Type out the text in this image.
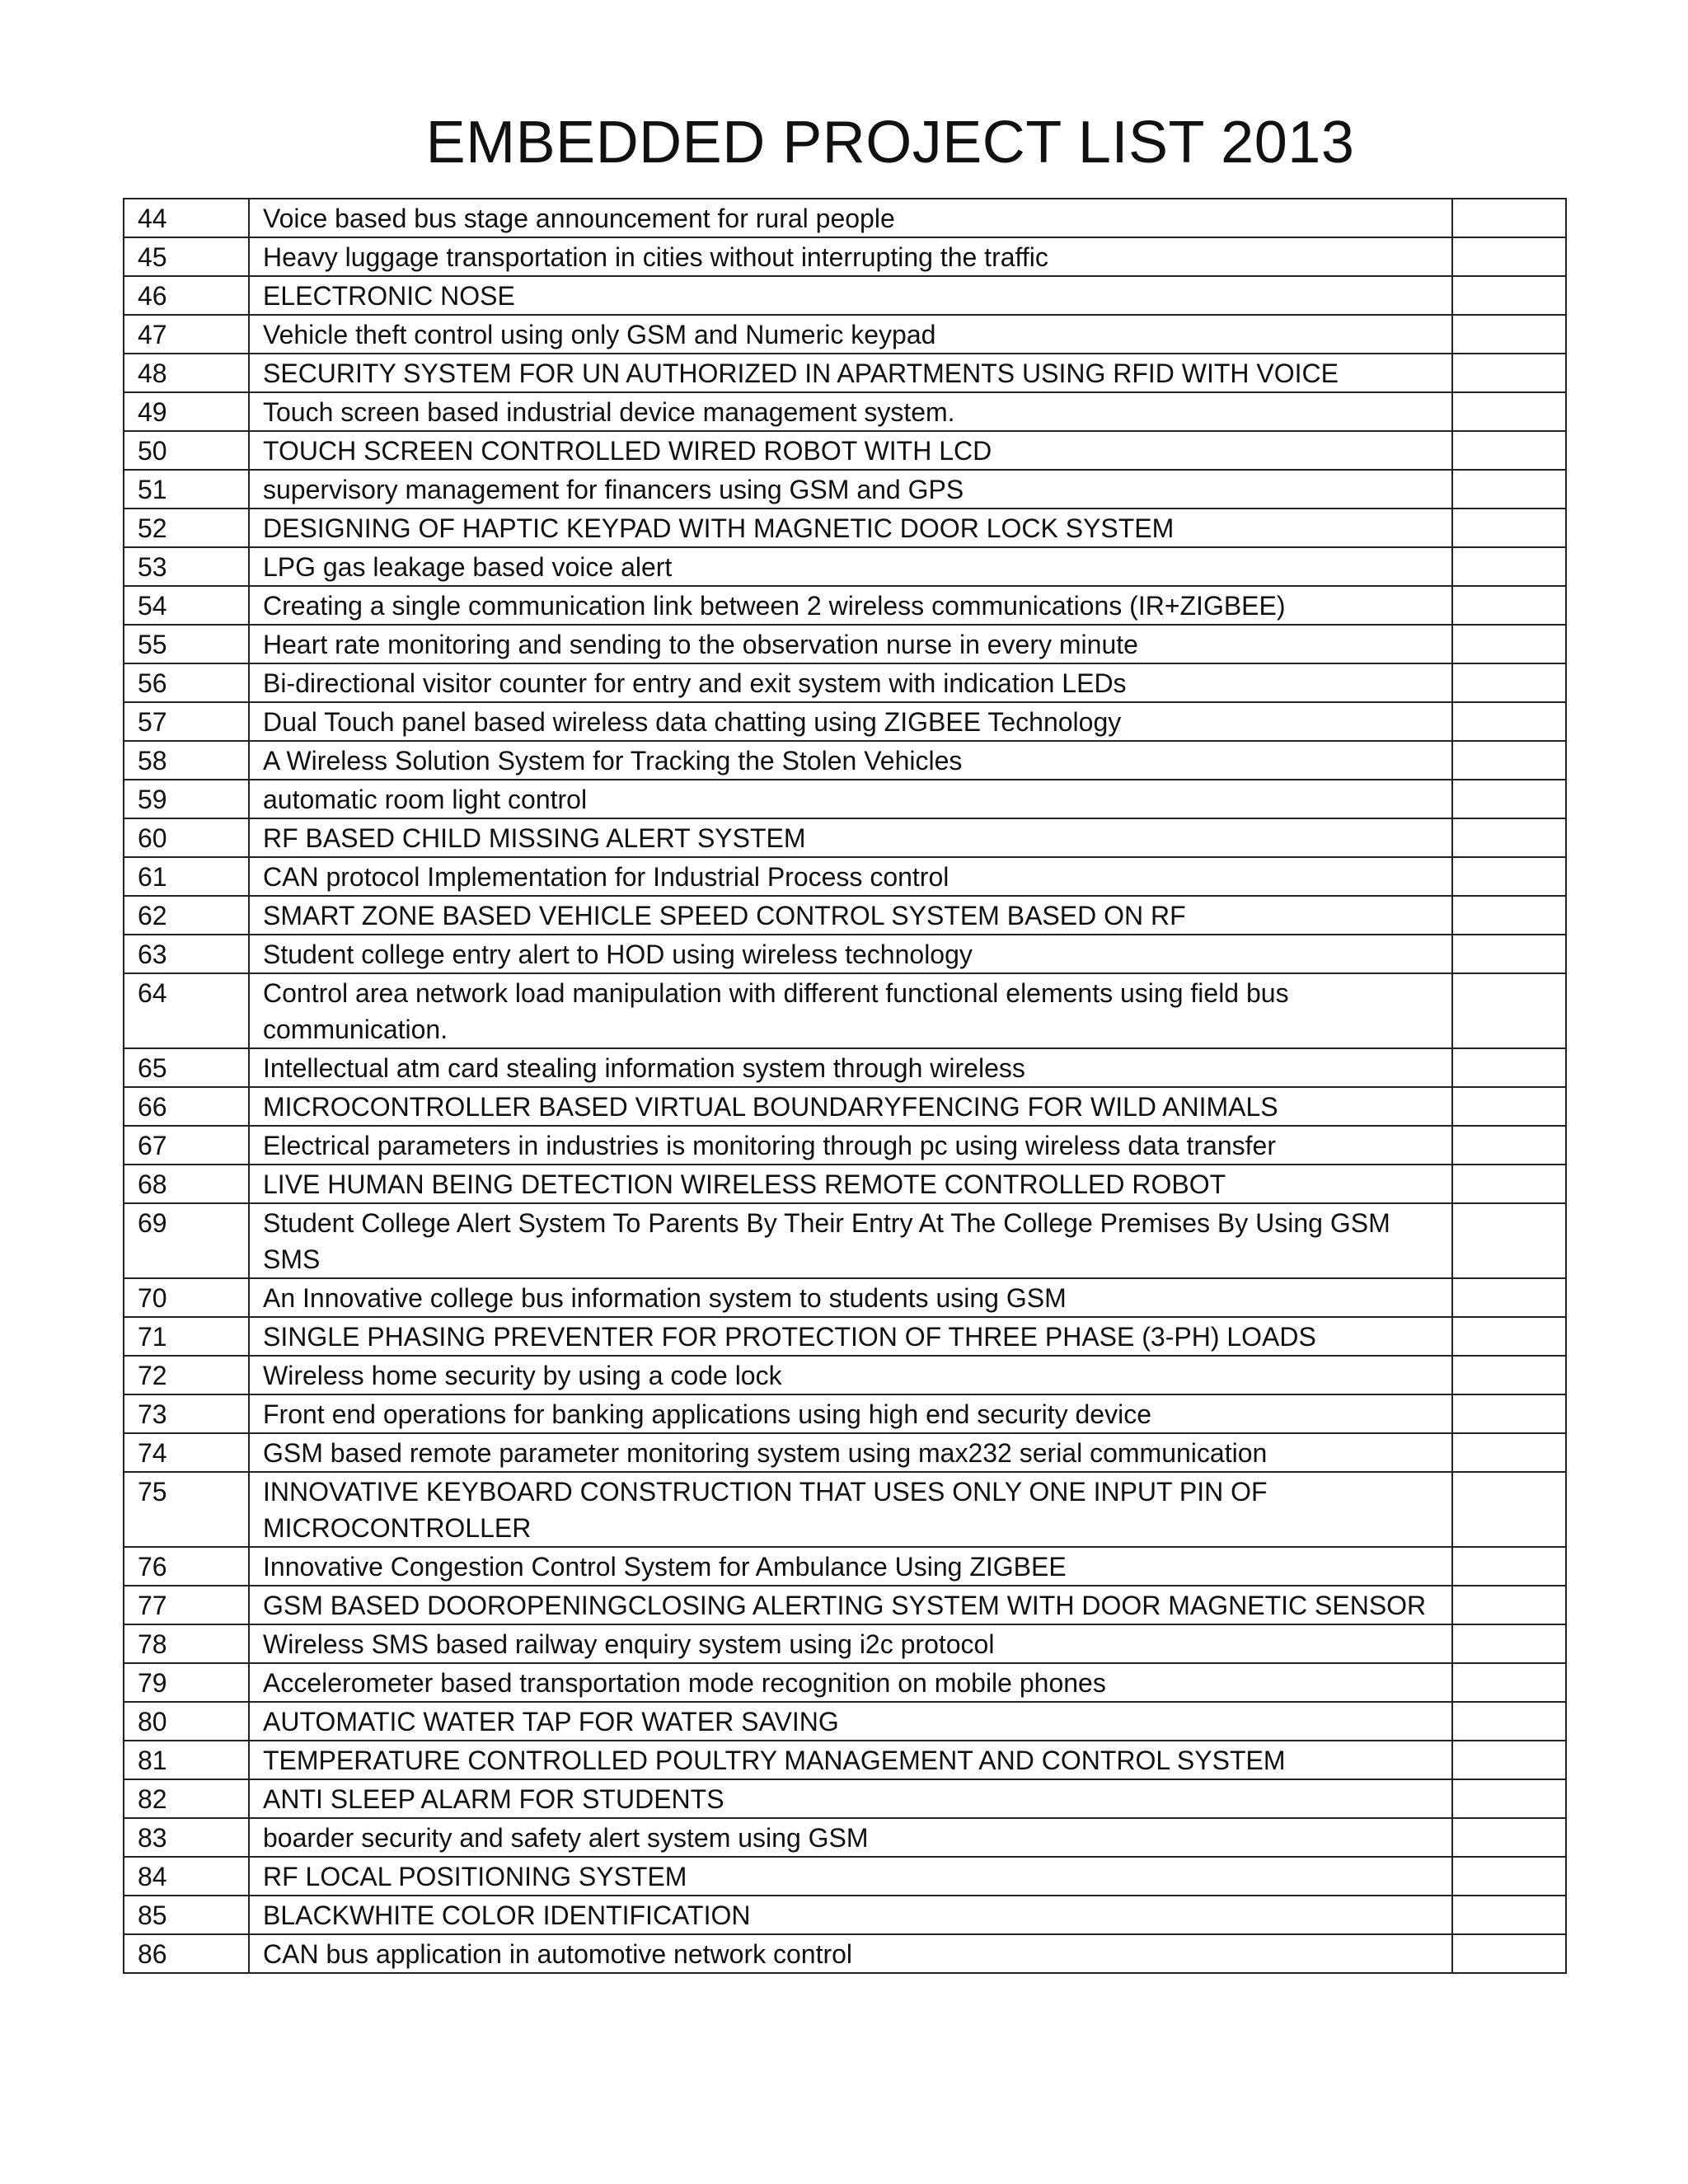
EMBEDDED PROJECT LIST 2013
44	Voice based bus stage announcement for rural people	
45	Heavy luggage transportation in cities without interrupting the traffic	
46	ELECTRONIC NOSE	
47	Vehicle theft control using only GSM and Numeric keypad	
48	SECURITY SYSTEM FOR UN AUTHORIZED IN APARTMENTS USING RFID WITH VOICE	
49	Touch screen based industrial device management system.	
50	TOUCH SCREEN CONTROLLED WIRED ROBOT WITH LCD	
51	supervisory management for financers using GSM and GPS	
52	DESIGNING OF HAPTIC KEYPAD WITH MAGNETIC DOOR LOCK SYSTEM	
53	LPG gas leakage based voice alert	
54	Creating a single communication link between 2 wireless communications (IR+ZIGBEE)	
55	Heart rate monitoring and sending to the observation nurse in every minute	
56	Bi-directional visitor counter for entry and exit system with indication LEDs	
57	Dual Touch panel based wireless data chatting using ZIGBEE Technology	
58	A Wireless Solution System for Tracking the Stolen Vehicles	
59	automatic room light control	
60	RF BASED CHILD MISSING ALERT SYSTEM	
61	CAN protocol Implementation for Industrial Process control	
62	SMART ZONE BASED VEHICLE SPEED CONTROL SYSTEM BASED ON RF	
63	Student college entry alert to HOD using wireless technology	
64	Control area network load manipulation with different functional elements using field bus communication.	
65	Intellectual atm card stealing information system through wireless	
66	MICROCONTROLLER BASED VIRTUAL BOUNDARYFENCING FOR WILD ANIMALS	
67	Electrical parameters in industries is monitoring through pc using wireless data transfer	
68	LIVE HUMAN BEING DETECTION WIRELESS REMOTE CONTROLLED ROBOT	
69	Student College Alert System To Parents By Their Entry At The College Premises By Using GSM SMS	
70	An Innovative college bus information system to students using GSM	
71	SINGLE PHASING PREVENTER FOR PROTECTION OF THREE PHASE (3-PH) LOADS	
72	Wireless home security by using a code lock	
73	Front end operations for banking applications using high end security device	
74	GSM based remote parameter monitoring system using max232 serial communication	
75	INNOVATIVE KEYBOARD CONSTRUCTION THAT USES ONLY ONE INPUT PIN OF MICROCONTROLLER	
76	Innovative Congestion Control System for Ambulance Using ZIGBEE	
77	GSM BASED DOOROPENINGCLOSING ALERTING SYSTEM WITH DOOR MAGNETIC SENSOR	
78	Wireless SMS based railway enquiry system using i2c protocol	
79	Accelerometer based transportation mode recognition on mobile phones	
80	AUTOMATIC WATER TAP FOR WATER SAVING	
81	TEMPERATURE CONTROLLED POULTRY MANAGEMENT AND CONTROL SYSTEM	
82	ANTI SLEEP ALARM FOR STUDENTS	
83	boarder security and safety alert system using GSM	
84	RF LOCAL POSITIONING SYSTEM	
85	BLACKWHITE COLOR IDENTIFICATION	
86	CAN bus application in automotive network control	
